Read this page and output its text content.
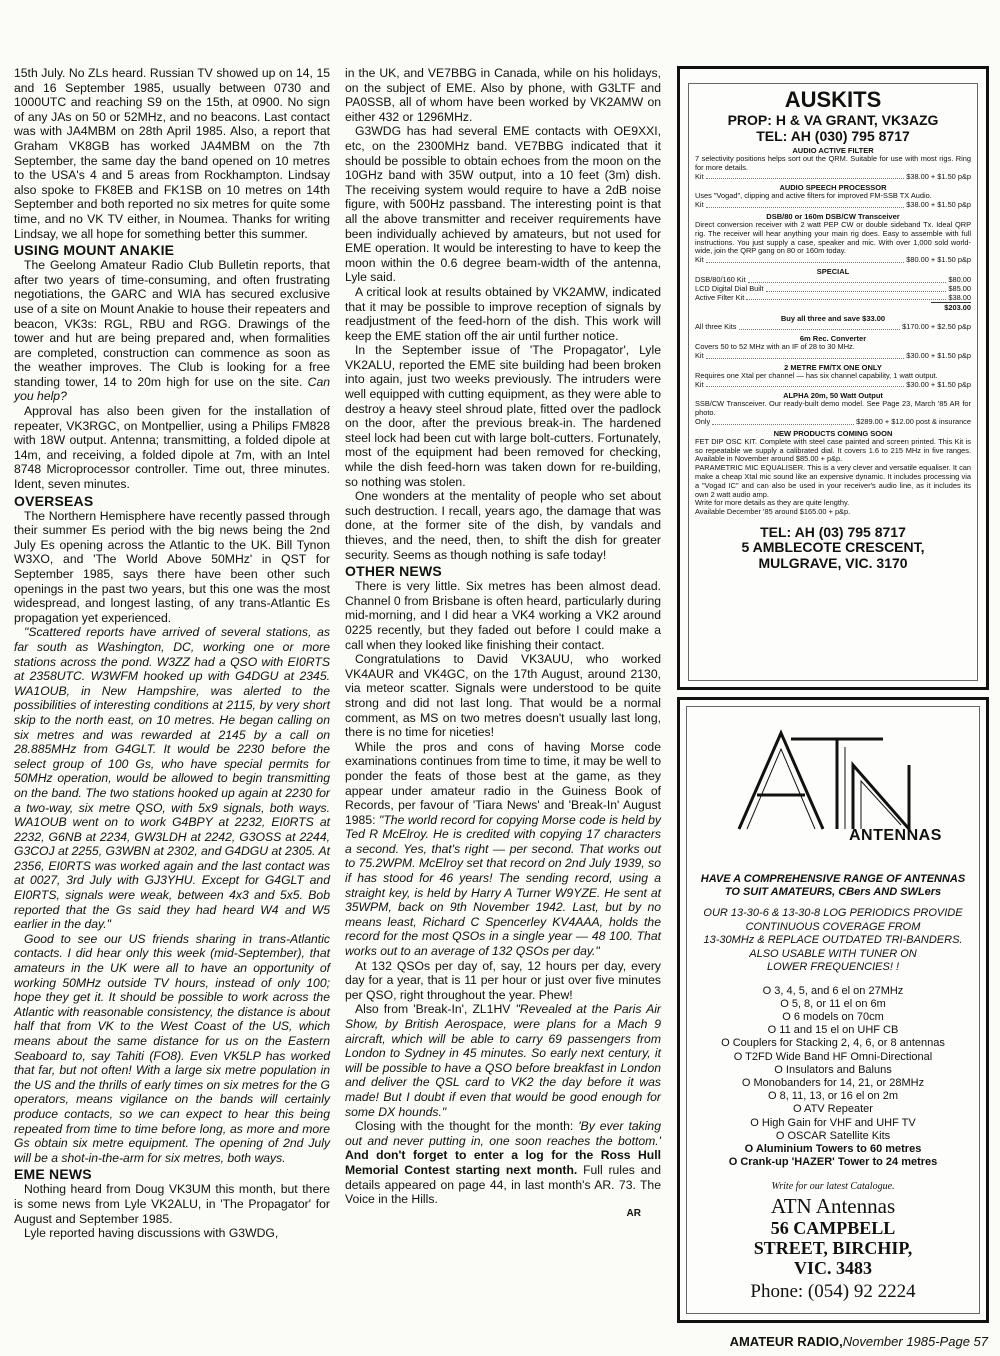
15th July. No ZLs heard. Russian TV showed up on 14, 15 and 16 September 1985, usually between 0730 and 1000UTC and reaching S9 on the 15th, at 0900. No sign of any JAs on 50 or 52MHz, and no beacons. Last contact was with JA4MBM on 28th April 1985. Also, a report that Graham VK8GB has worked JA4MBM on the 7th September, the same day the band opened on 10 metres to the USA's 4 and 5 areas from Rockhampton. Lindsay also spoke to FK8EB and FK1SB on 10 metres on 14th September and both reported no six metres for quite some time, and no VK TV either, in Noumea. Thanks for writing Lindsay, we all hope for something better this summer.

USING MOUNT ANAKIE

The Geelong Amateur Radio Club Bulletin reports, that after two years of time-consuming, and often frustrating negotiations, the GARC and WIA has secured exclusive use of a site on Mount Anakie to house their repeaters and beacon, VK3s: RGL, RBU and RGG. Drawings of the tower and hut are being prepared and, when formalities are completed, construction can commence as soon as the weather improves. The Club is looking for a free standing tower, 14 to 20m high for use on the site. Can you help?

Approval has also been given for the installation of repeater, VK3RGC, on Montpellier, using a Philips FM828 with 18W output. Antenna; transmitting, a folded dipole at 14m, and receiving, a folded dipole at 7m, with an Intel 8748 Microprocessor controller. Time out, three minutes. Ident, seven minutes.

OVERSEAS

The Northern Hemisphere have recently passed through their summer Es period with the big news being the 2nd July Es opening across the Atlantic to the UK. Bill Tynon W3XO, and 'The World Above 50MHz' in QST for September 1985, says there have been other such openings in the past two years, but this one was the most widespread, and longest lasting, of any trans-Atlantic Es propagation yet experienced.

"Scattered reports have arrived of several stations, as far south as Washington, DC, working one or more stations across the pond. W3ZZ had a QSO with EI0RTS at 2358UTC. W3WFM hooked up with G4DGU at 2345. WA1OUB, in New Hampshire, was alerted to the possibilities of interesting conditions at 2115, by very short skip to the north east, on 10 metres. He began calling on six metres and was rewarded at 2145 by a call on 28.885MHz from G4GLT. It would be 2230 before the select group of 100 Gs, who have special permits for 50MHz operation, would be allowed to begin transmitting on the band. The two stations hooked up again at 2230 for a two-way, six metre QSO, with 5x9 signals, both ways. WA1OUB went on to work G4BPY at 2232, EI0RTS at 2232, G6NB at 2234, GW3LDH at 2242, G3OSS at 2244, G3COJ at 2255, G3WBN at 2302, and G4DGU at 2305. At 2356, EI0RTS was worked again and the last contact was at 0027, 3rd July with GJ3YHU. Except for G4GLT and EI0RTS, signals were weak, between 4x3 and 5x5. Bob reported that the Gs said they had heard W4 and W5 earlier in the day."

Good to see our US friends sharing in trans-Atlantic contacts. I did hear only this week (mid-September), that amateurs in the UK were all to have an opportunity of working 50MHz outside TV hours, instead of only 100; hope they get it. It should be possible to work across the Atlantic with reasonable consistency, the distance is about half that from VK to the West Coast of the US, which means about the same distance for us on the Eastern Seaboard to, say Tahiti (FO8). Even VK5LP has worked that far, but not often! With a large six metre population in the US and the thrills of early times on six metres for the G operators, means vigilance on the bands will certainly produce contacts, so we can expect to hear this being repeated from time to time before long, as more and more Gs obtain six metre equipment. The opening of 2nd July will be a shot-in-the-arm for six metres, both ways.

EME NEWS

Nothing heard from Doug VK3UM this month, but there is some news from Lyle VK2ALU, in 'The Propagator' for August and September 1985.

Lyle reported having discussions with G3WDG,

in the UK, and VE7BBG in Canada, while on his holidays, on the subject of EME. Also by phone, with G3LTF and PA0SSB, all of whom have been worked by VK2AMW on either 432 or 1296MHz.

G3WDG has had several EME contacts with OE9XXI, etc, on the 2300MHz band. VE7BBG indicated that it should be possible to obtain echoes from the moon on the 10GHz band with 35W output, into a 10 feet (3m) dish. The receiving system would require to have a 2dB noise figure, with 500Hz passband. The interesting point is that all the above transmitter and receiver requirements have been individually achieved by amateurs, but not used for EME operation. It would be interesting to have to keep the moon within the 0.6 degree beam-width of the antenna, Lyle said.

A critical look at results obtained by VK2AMW, indicated that it may be possible to improve reception of signals by readjustment of the feed-horn of the dish. This work will keep the EME station off the air until further notice.

In the September issue of 'The Propagator', Lyle VK2ALU, reported the EME site building had been broken into again, just two weeks previously. The intruders were well equipped with cutting equipment, as they were able to destroy a heavy steel shroud plate, fitted over the padlock on the door, after the previous break-in. The hardened steel lock had been cut with large bolt-cutters. Fortunately, most of the equipment had been removed for checking, while the dish feed-horn was taken down for re-building, so nothing was stolen.

One wonders at the mentality of people who set about such destruction. I recall, years ago, the damage that was done, at the former site of the dish, by vandals and thieves, and the need, then, to shift the dish for greater security. Seems as though nothing is safe today!

OTHER NEWS

There is very little. Six metres has been almost dead. Channel 0 from Brisbane is often heard, particularly during mid-morning, and I did hear a VK4 working a VK2 around 0225 recently, but they faded out before I could make a call when they looked like finishing their contact.

Congratulations to David VK3AUU, who worked VK4AUR and VK4GC, on the 17th August, around 2130, via meteor scatter. Signals were understood to be quite strong and did not last long. That would be a normal comment, as MS on two metres doesn't usually last long, there is no time for niceties!

While the pros and cons of having Morse code examinations continues from time to time, it may be well to ponder the feats of those best at the game, as they appear under amateur radio in the Guiness Book of Records, per favour of 'Tiara News' and 'Break-In' August 1985: "The world record for copying Morse code is held by Ted R McElroy. He is credited with copying 17 characters a second. Yes, that's right — per second. That works out to 75.2WPM. McElroy set that record on 2nd July 1939, so if has stood for 46 years! The sending record, using a straight key, is held by Harry A Turner W9YZE. He sent at 35WPM, back on 9th November 1942. Last, but by no means least, Richard C Spencerley KV4AAA, holds the record for the most QSOs in a single year — 48 100. That works out to an average of 132 QSOs per day."

At 132 QSOs per day of, say, 12 hours per day, every day for a year, that is 11 per hour or just over five minutes per QSO, right throughout the year. Phew!

Also from 'Break-In', ZL1HV "Revealed at the Paris Air Show, by British Aerospace, were plans for a Mach 9 aircraft, which will be able to carry 69 passengers from London to Sydney in 45 minutes. So early next century, it will be possible to have a QSO before breakfast in London and deliver the QSL card to VK2 the day before it was made! But I doubt if even that would be good enough for some DX hounds."

Closing with the thought for the month: 'By ever taking out and never putting in, one soon reaches the bottom.' And don't forget to enter a log for the Ross Hull Memorial Contest starting next month. Full rules and details appeared on page 44, in last month's AR. 73. The Voice in the Hills.

AR
AUSKITS
PROP: H & VA GRANT, VK3AZG
TEL: AH (030) 795 8717
AUDIO ACTIVE FILTER
7 selectivity positions helps sort out the QRM. Suitable for use with most rigs. Ring for more details.
Kit	$38.00 + $1.50 p&p
AUDIO SPEECH PROCESSOR
Uses "Vogad", clipping and active filters for improved FM-SSB TX Audio.
Kit	$38.00 + $1.50 p&p
DSB/80 or 160m DSB/CW Transceiver
Direct conversion receiver with 2 watt PEP CW or double sideband Tx. Ideal QRP rig. The receiver will hear anything your main rig does. Easy to assemble with full instructions. You just supply a case, speaker and mic. With over 1,000 sold world-wide, join the QRP gang on 80 or 160m today.
Kit	$80.00 + $1.50 p&p
SPECIAL
DSB/80/160 Kit	$80.00
LCD Digital Dial Built	$85.00
Active Filter Kit	$38.00
$203.00
Buy all three and save $33.00
All three Kits	$170.00 + $2.50 p&p
6m Rec. Converter
Covers 50 to 52 MHz with an IF of 28 to 30 MHz.
Kit	$30.00 + $1.50 p&p
2 METRE FM/TX ONE ONLY
Requires one Xtal per channel — has six channel capability, 1 watt output.
Kit	$30.00 + $1.50 p&p
ALPHA 20m, 50 Watt Output
SSB/CW Transceiver. Our ready-built demo model. See Page 23, March '85 AR for photo.
Only	$289.00 + $12.00 post & insurance
NEW PRODUCTS COMING SOON
FET DIP OSC KIT. Complete with steel case painted and screen printed. This Kit is so repeatable we supply a calibrated dial. It covers 1.6 to 215 MHz in five ranges. Available in November around $85.00 + p&p.
PARAMETRIC MIC EQUALISER. This is a very clever and versatile equaliser. It can make a cheap Xtal mic sound like an expensive dynamic. It includes processing via a "Vogad IC" and can also be used in your receiver's audio line, as it includes its own 2 watt audio amp.
Write for more details as they are quite lengthy.
Available December '85 around $165.00 + p&p.
TEL: AH (03) 795 8717
5 AMBLECOTE CRESCENT,
MULGRAVE, VIC. 3170
ANTENNAS
HAVE A COMPREHENSIVE RANGE OF ANTENNAS
TO SUIT AMATEURS, CBers AND SWLers
OUR 13-30-6 & 13-30-8 LOG PERIODICS PROVIDE
CONTINUOUS COVERAGE FROM
13-30MHz & REPLACE OUTDATED TRI-BANDERS.
ALSO USABLE WITH TUNER ON
LOWER FREQUENCIES! !
O 3, 4, 5, and 6 el on 27MHz
O 5, 8, or 11 el on 6m
O 6 models on 70cm
O 11 and 15 el on UHF CB
O Couplers for Stacking 2, 4, 6, or 8 antennas
O T2FD Wide Band HF Omni-Directional
O Insulators and Baluns
O Monobanders for 14, 21, or 28MHz
O 8, 11, 13, or 16 el on 2m
O ATV Repeater
O High Gain for VHF and UHF TV
O OSCAR Satellite Kits
O Aluminium Towers to 60 metres
O Crank-up 'HAZER' Tower to 24 metres
Write for our latest Catalogue.
ATN Antennas
56 CAMPBELL
STREET, BIRCHIP,
VIC. 3483
Phone: (054) 92 2224
AMATEUR RADIO,November 1985-Page 57
